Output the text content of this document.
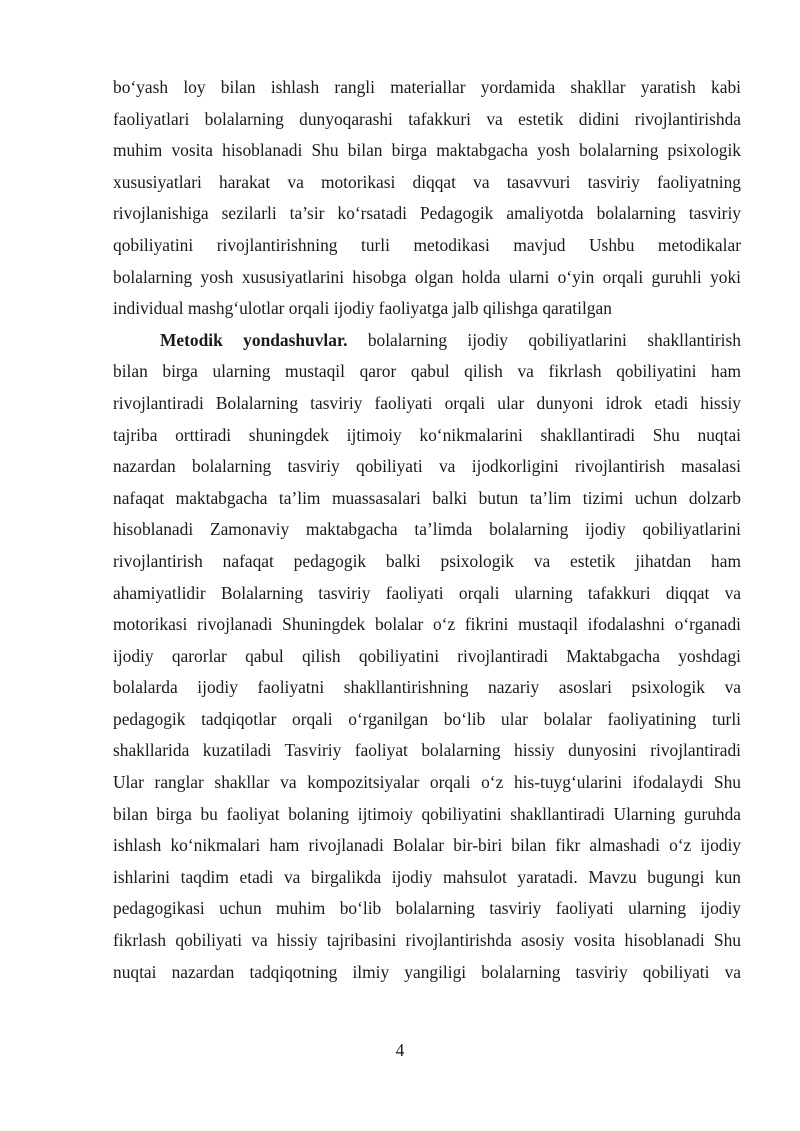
bo‘yash loy bilan ishlash rangli materiallar yordamida shakllar yaratish kabi
faoliyatlari bolalarning dunyoqarashi tafakkuri va estetik didini rivojlantirishda
muhim vosita hisoblanadi Shu bilan birga maktabgacha yosh bolalarning psixologik
xususiyatlari harakat va motorikasi diqqat va tasavvuri tasviriy faoliyatning
rivojlanishiga sezilarli ta’sir ko‘rsatadi Pedagogik amaliyotda bolalarning tasviriy
qobiliyatini rivojlantirishning turli metodikasi mavjud Ushbu metodikalar
bolalarning yosh xususiyatlarini hisobga olgan holda ularni o‘yin orqali guruhli yoki
individual mashg‘ulotlar orqali ijodiy faoliyatga jalb qilishga qaratilgan
Metodik yondashuvlar. bolalarning ijodiy qobiliyatlarini shakllantirish
bilan birga ularning mustaqil qaror qabul qilish va fikrlash qobiliyatini ham
rivojlantiradi Bolalarning tasviriy faoliyati orqali ular dunyoni idrok etadi hissiy
tajriba orttiradi shuningdek ijtimoiy ko‘nikmalarini shakllantiradi Shu nuqtai
nazardan bolalarning tasviriy qobiliyati va ijodkorligini rivojlantirish masalasi
nafaqat maktabgacha ta’lim muassasalari balki butun ta’lim tizimi uchun dolzarb
hisoblanadi Zamonaviy maktabgacha ta’limda bolalarning ijodiy qobiliyatlarini
rivojlantirish nafaqat pedagogik balki psixologik va estetik jihatdan ham
ahamiyatlidir Bolalarning tasviriy faoliyati orqali ularning tafakkuri diqqat va
motorikasi rivojlanadi Shuningdek bolalar o‘z fikrini mustaqil ifodalashni o‘rganadi
ijodiy qarorlar qabul qilish qobiliyatini rivojlantiradi Maktabgacha yoshdagi
bolalarda ijodiy faoliyatni shakllantirishning nazariy asoslari psixologik va
pedagogik tadqiqotlar orqali o‘rganilgan bo‘lib ular bolalar faoliyatining turli
shakllarida kuzatiladi Tasviriy faoliyat bolalarning hissiy dunyosini rivojlantiradi
Ular ranglar shakllar va kompozitsiyalar orqali o‘z his-tuyg‘ularini ifodalaydi Shu
bilan birga bu faoliyat bolaning ijtimoiy qobiliyatini shakllantiradi Ularning guruhda
ishlash ko‘nikmalari ham rivojlanadi Bolalar bir-biri bilan fikr almashadi o‘z ijodiy
ishlarini taqdim etadi va birgalikda ijodiy mahsulot yaratadi. Mavzu bugungi kun
pedagogikasi uchun muhim bo‘lib bolalarning tasviriy faoliyati ularning ijodiy
fikrlash qobiliyati va hissiy tajribasini rivojlantirishda asosiy vosita hisoblanadi Shu
nuqtai nazardan tadqiqotning ilmiy yangiligi bolalarning tasviriy qobiliyati va
4
